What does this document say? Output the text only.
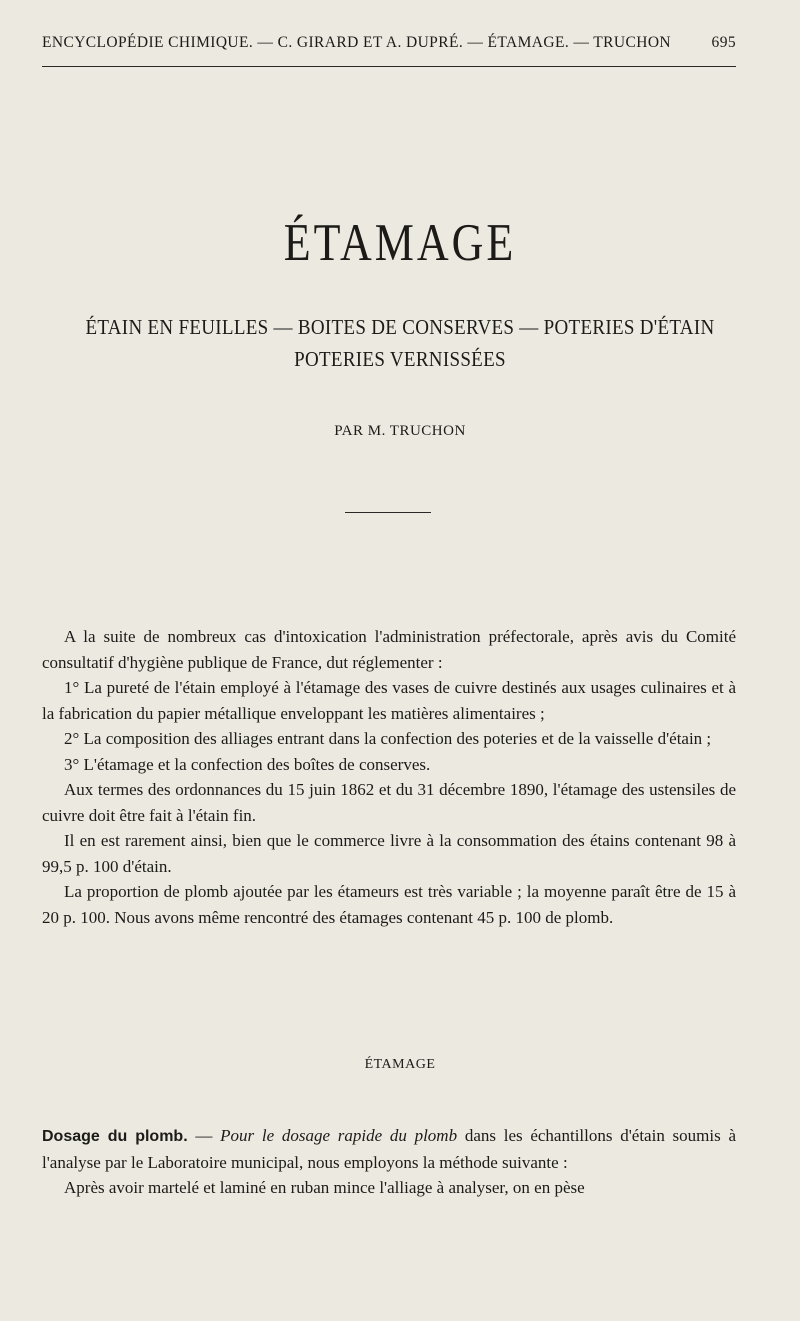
ENCYCLOPÉDIE CHIMIQUE. — C. GIRARD ET A. DUPRÉ. — ÉTAMAGE. — TRUCHON	695
ÉTAMAGE
ÉTAIN EN FEUILLES — BOITES DE CONSERVES — POTERIES D'ÉTAIN
POTERIES VERNISSÉES
PAR M. TRUCHON

A la suite de nombreux cas d'intoxication l'administration préfectorale, après avis du Comité consultatif d'hygiène publique de France, dut réglementer :

1° La pureté de l'étain employé à l'étamage des vases de cuivre destinés aux usages culinaires et à la fabrication du papier métallique enveloppant les matières alimentaires ;

2° La composition des alliages entrant dans la confection des poteries et de la vaisselle d'étain ;

3° L'étamage et la confection des boîtes de conserves.

Aux termes des ordonnances du 15 juin 1862 et du 31 décembre 1890, l'étamage des ustensiles de cuivre doit être fait à l'étain fin.

Il en est rarement ainsi, bien que le commerce livre à la consommation des étains contenant 98 à 99,5 p. 100 d'étain.

La proportion de plomb ajoutée par les étameurs est très variable ; la moyenne paraît être de 15 à 20 p. 100. Nous avons même rencontré des étamages contenant 45 p. 100 de plomb.

ÉTAMAGE

Dosage du plomb. — Pour le dosage rapide du plomb dans les échantillons d'étain soumis à l'analyse par le Laboratoire municipal, nous employons la méthode suivante :

Après avoir martelé et laminé en ruban mince l'alliage à analyser, on en pèse
